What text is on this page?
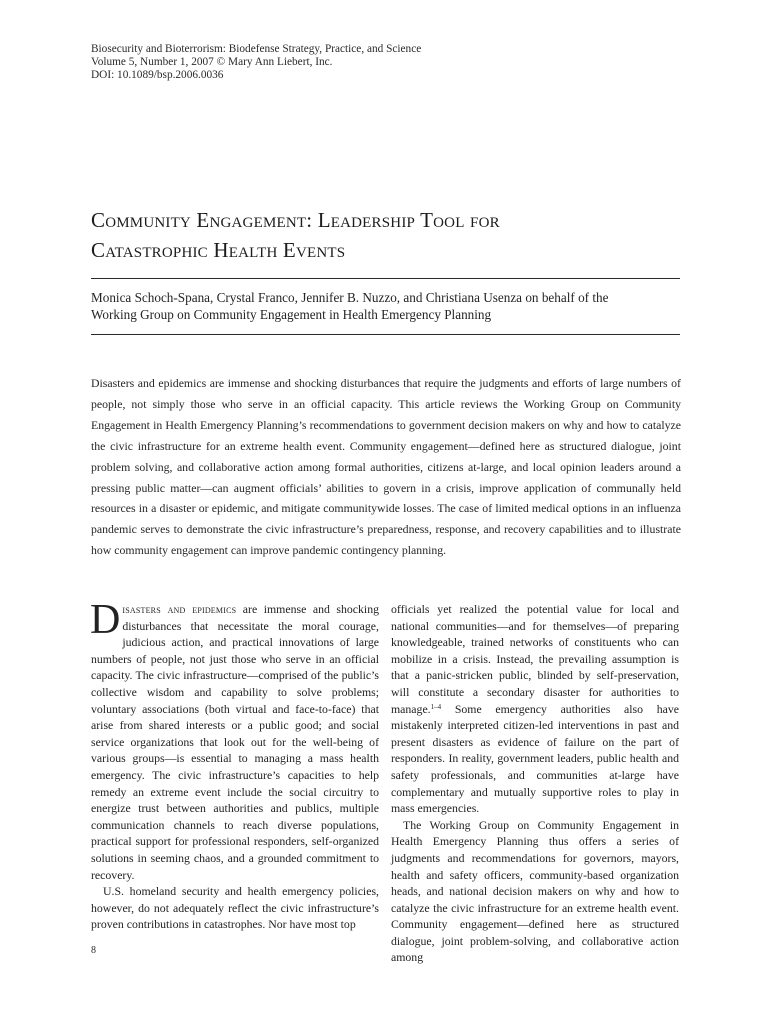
Biosecurity and Bioterrorism: Biodefense Strategy, Practice, and Science
Volume 5, Number 1, 2007 © Mary Ann Liebert, Inc.
DOI: 10.1089/bsp.2006.0036
Community Engagement: Leadership Tool for
Catastrophic Health Events
Monica Schoch-Spana, Crystal Franco, Jennifer B. Nuzzo, and Christiana Usenza on behalf of the
Working Group on Community Engagement in Health Emergency Planning

Disasters and epidemics are immense and shocking disturbances that require the judgments and efforts of large numbers of people, not simply those who serve in an official capacity. This article reviews the Working Group on Community Engagement in Health Emergency Planning’s recommendations to government decision makers on why and how to catalyze the civic infrastructure for an extreme health event. Community engagement—defined here as structured dialogue, joint problem solving, and collaborative action among formal authorities, citizens at-large, and local opinion leaders around a pressing public matter—can augment officials’ abilities to govern in a crisis, improve application of communally held resources in a disaster or epidemic, and mitigate communitywide losses. The case of limited medical options in an influenza pandemic serves to demonstrate the civic infrastructure’s preparedness, response, and recovery capabilities and to illustrate how community engagement can improve pandemic contingency planning.

Disasters and epidemics are immense and shocking disturbances that necessitate the moral courage, judicious action, and practical innovations of large numbers of people, not just those who serve in an official capacity. The civic infrastructure—comprised of the public’s collective wisdom and capability to solve problems; voluntary associations (both virtual and face-to-face) that arise from shared interests or a public good; and social service organizations that look out for the well-being of various groups—is essential to managing a mass health emergency. The civic infrastructure’s capacities to help remedy an extreme event include the social circuitry to energize trust between authorities and publics, multiple communication channels to reach diverse populations, practical support for professional responders, self-organized solutions in seeming chaos, and a grounded commitment to recovery.

U.S. homeland security and health emergency policies, however, do not adequately reflect the civic infrastructure’s proven contributions in catastrophes. Nor have most top

officials yet realized the potential value for local and national communities—and for themselves—of preparing knowledgeable, trained networks of constituents who can mobilize in a crisis. Instead, the prevailing assumption is that a panic-stricken public, blinded by self-preservation, will constitute a secondary disaster for authorities to manage.$^{1-4}$ Some emergency authorities also have mistakenly interpreted citizen-led interventions in past and present disasters as evidence of failure on the part of responders. In reality, government leaders, public health and safety professionals, and communities at-large have complementary and mutually supportive roles to play in mass emergencies.

The Working Group on Community Engagement in Health Emergency Planning thus offers a series of judgments and recommendations for governors, mayors, health and safety officers, community-based organization heads, and national decision makers on why and how to catalyze the civic infrastructure for an extreme health event. Community engagement—defined here as structured dialogue, joint problem-solving, and collaborative action among

8
